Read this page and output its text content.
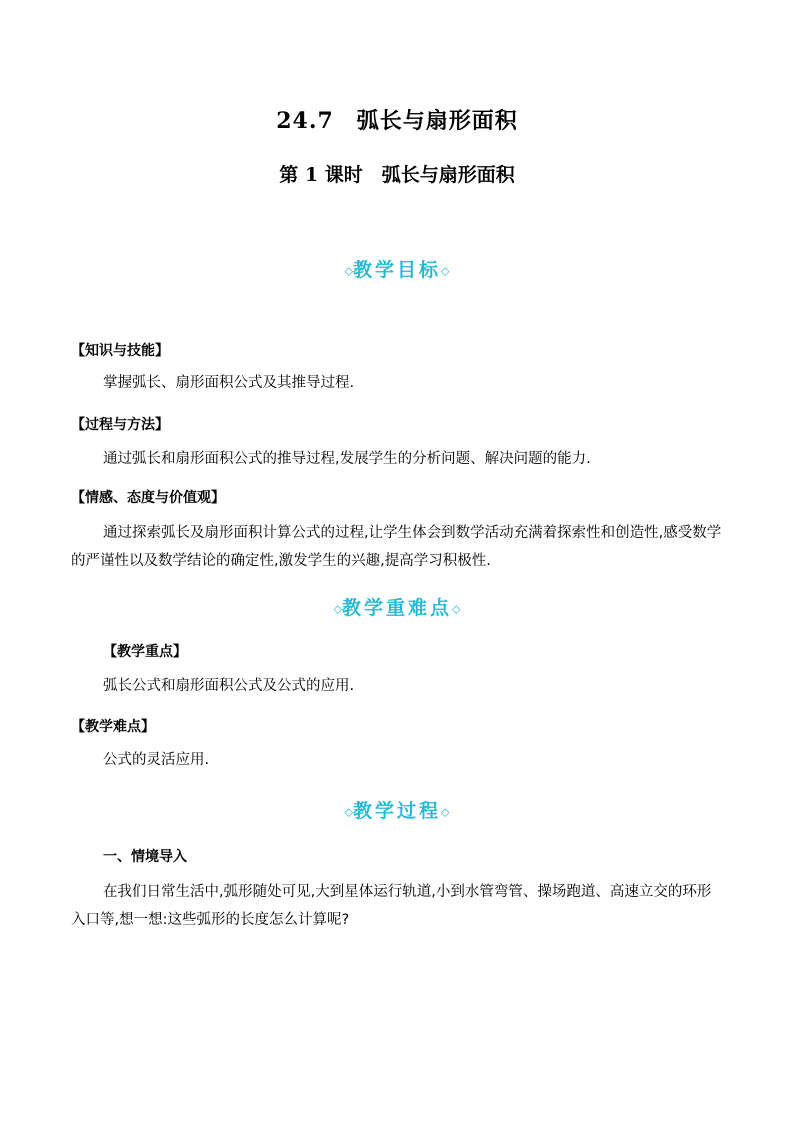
24.7　弧长与扇形面积
第 1 课时　弧长与扇形面积
◇教学目标◇
【知识与技能】
掌握弧长、扇形面积公式及其推导过程.
【过程与方法】
通过弧长和扇形面积公式的推导过程,发展学生的分析问题、解决问题的能力.
【情感、态度与价值观】
通过探索弧长及扇形面积计算公式的过程,让学生体会到数学活动充满着探索性和创造性,感受数学的严谨性以及数学结论的确定性,激发学生的兴趣,提高学习积极性.
◇教学重难点◇
【教学重点】
弧长公式和扇形面积公式及公式的应用.
【教学难点】
公式的灵活应用.
◇教学过程◇
一、情境导入
在我们日常生活中,弧形随处可见,大到星体运行轨道,小到水管弯管、操场跑道、高速立交的环形入口等,想一想:这些弧形的长度怎么计算呢?
